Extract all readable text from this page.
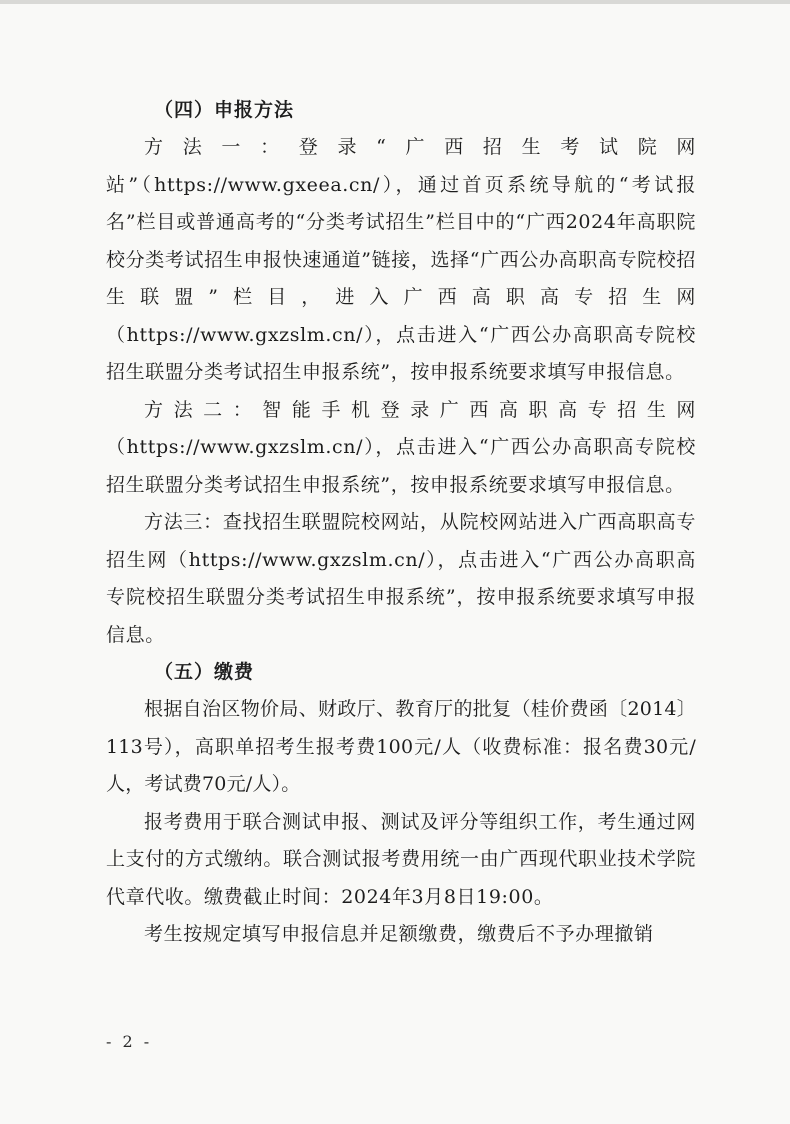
（四）申报方法

方法一：登录“广西招生考试院网站”（https://www.gxeea.cn/），通过首页系统导航的“考试报名”栏目或普通高考的“分类考试招生”栏目中的“广西2024年高职院校分类考试招生申报快速通道”链接，选择“广西公办高职高专院校招生联盟”栏目，进入广西高职高专招生网（https://www.gxzslm.cn/），点击进入“广西公办高职高专院校招生联盟分类考试招生申报系统”，按申报系统要求填写申报信息。

方法二：智能手机登录广西高职高专招生网（https://www.gxzslm.cn/），点击进入“广西公办高职高专院校招生联盟分类考试招生申报系统”，按申报系统要求填写申报信息。

方法三：查找招生联盟院校网站，从院校网站进入广西高职高专招生网（https://www.gxzslm.cn/），点击进入“广西公办高职高专院校招生联盟分类考试招生申报系统”，按申报系统要求填写申报信息。

（五）缴费

根据自治区物价局、财政厅、教育厅的批复（桂价费函〔2014〕113号），高职单招考生报考费100元/人（收费标准：报名费30元/人，考试费70元/人）。

报考费用于联合测试申报、测试及评分等组织工作，考生通过网上支付的方式缴纳。联合测试报考费用统一由广西现代职业技术学院代章代收。缴费截止时间：2024年3月8日19:00。

考生按规定填写申报信息并足额缴费，缴费后不予办理撤销

- 2 -
